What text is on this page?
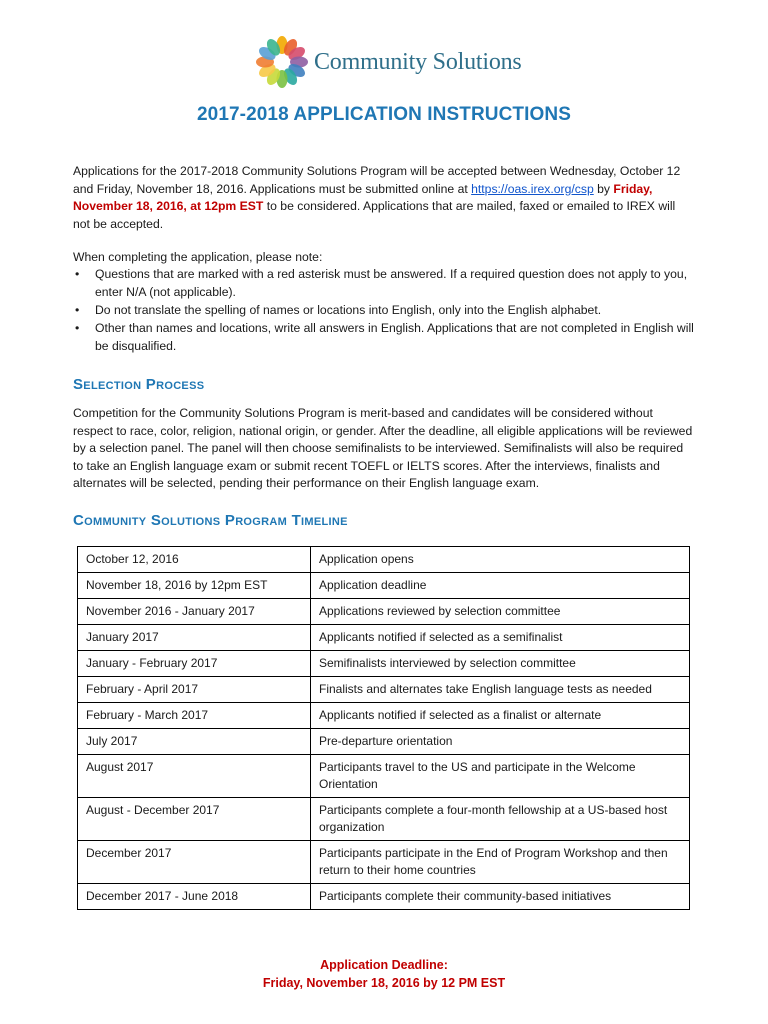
Community Solutions
2017-2018 APPLICATION INSTRUCTIONS
Applications for the 2017-2018 Community Solutions Program will be accepted between Wednesday, October 12 and Friday, November 18, 2016. Applications must be submitted online at https://oas.irex.org/csp by Friday, November 18, 2016, at 12pm EST to be considered. Applications that are mailed, faxed or emailed to IREX will not be accepted.
When completing the application, please note:
• Questions that are marked with a red asterisk must be answered. If a required question does not apply to you, enter N/A (not applicable).
• Do not translate the spelling of names or locations into English, only into the English alphabet.
• Other than names and locations, write all answers in English. Applications that are not completed in English will be disqualified.
Selection Process
Competition for the Community Solutions Program is merit-based and candidates will be considered without respect to race, color, religion, national origin, or gender. After the deadline, all eligible applications will be reviewed by a selection panel. The panel will then choose semifinalists to be interviewed. Semifinalists will also be required to take an English language exam or submit recent TOEFL or IELTS scores. After the interviews, finalists and alternates will be selected, pending their performance on their English language exam.
Community Solutions Program Timeline
October 12, 2016	Application opens
November 18, 2016 by 12pm EST	Application deadline
November 2016 - January 2017	Applications reviewed by selection committee
January 2017	Applicants notified if selected as a semifinalist
January - February 2017	Semifinalists interviewed by selection committee
February - April 2017	Finalists and alternates take English language tests as needed
February - March 2017	Applicants notified if selected as a finalist or alternate
July 2017	Pre-departure orientation
August 2017	Participants travel to the US and participate in the Welcome Orientation
August - December 2017	Participants complete a four-month fellowship at a US-based host organization
December 2017	Participants participate in the End of Program Workshop and then return to their home countries
December 2017 - June 2018	Participants complete their community-based initiatives
Application Deadline:
Friday, November 18, 2016 by 12 PM EST
